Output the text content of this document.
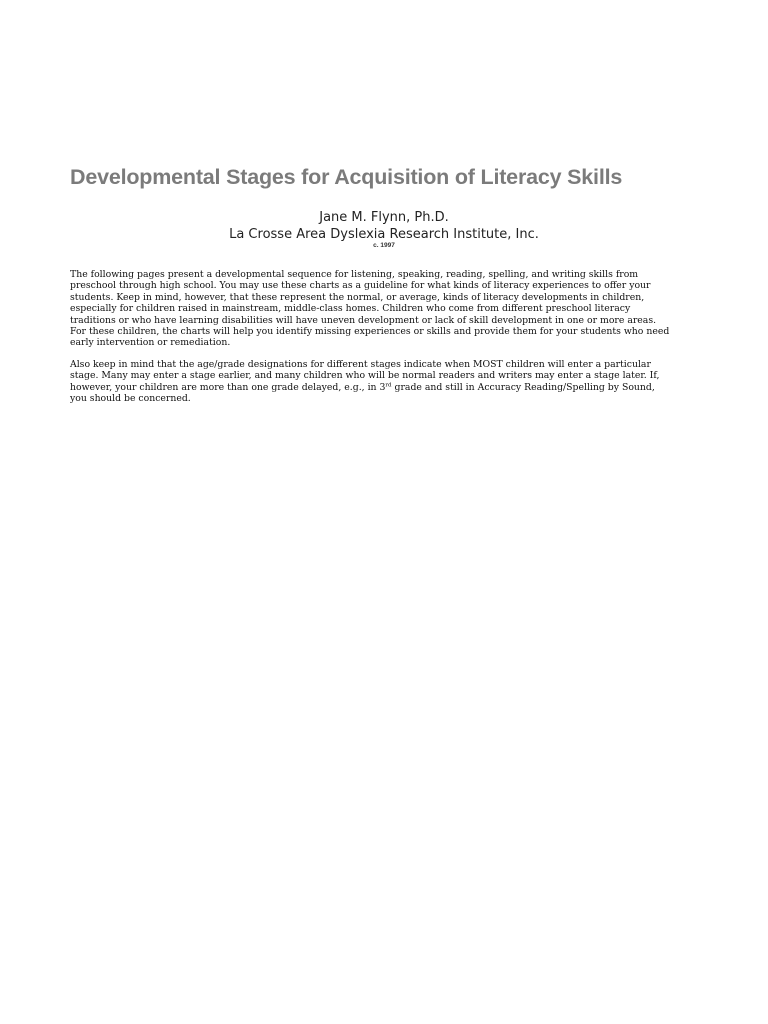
Developmental Stages for Acquisition of Literacy Skills
Jane M. Flynn, Ph.D.
La Crosse Area Dyslexia Research Institute, Inc.
c. 1997

The following pages present a developmental sequence for listening, speaking, reading, spelling, and writing skills from
preschool through high school. You may use these charts as a guideline for what kinds of literacy experiences to offer your
students. Keep in mind, however, that these represent the normal, or average, kinds of literacy developments in children,
especially for children raised in mainstream, middle-class homes. Children who come from different preschool literacy
traditions or who have learning disabilities will have uneven development or lack of skill development in one or more areas.
For these children, the charts will help you identify missing experiences or skills and provide them for your students who need
early intervention or remediation.

Also keep in mind that the age/grade designations for different stages indicate when MOST children will enter a particular
stage. Many may enter a stage earlier, and many children who will be normal readers and writers may enter a stage later. If,
however, your children are more than one grade delayed, e.g., in 3rd grade and still in Accuracy Reading/Spelling by Sound,
you should be concerned.
